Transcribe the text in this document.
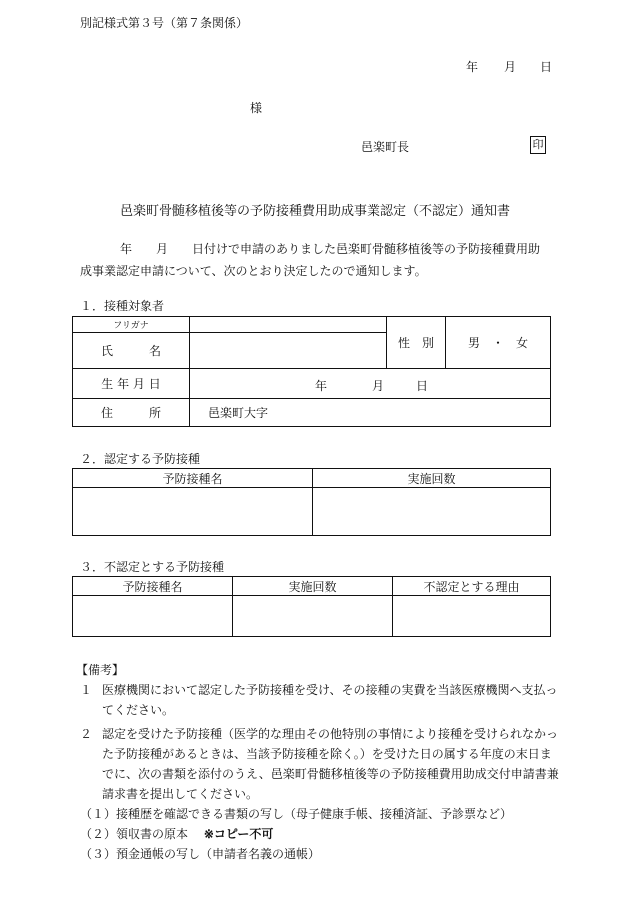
別記様式第３号（第７条関係）
年 月 日
様
邑楽町長	印
邑楽町骨髄移植後等の予防接種費用助成事業認定（不認定）通知書
年　　月　　日付けで申請のありました邑楽町骨髄移植後等の予防接種費用助
成事業認定申請について、次のとおり決定したので通知します。
１．接種対象者
フリガナ		性　別	男　・　女
氏　　　名			
生 年 月 日	年 月 日		

住　　　所	邑楽町大字		
２．認定する予防接種
予防接種名	実施回数

３．不認定とする予防接種
予防接種名	実施回数	不認定とする理由

【備考】
１ 医療機関において認定した予防接種を受け、その接種の実費を当該医療機関へ支払ってください。
２ 認定を受けた予防接種（医学的な理由その他特別の事情により接種を受けられなかった予防接種があるときは、当該予防接種を除く。）を受けた日の属する年度の末日までに、次の書類を添付のうえ、邑楽町骨髄移植後等の予防接種費用助成交付申請書兼請求書を提出してください。
（１）接種歴を確認できる書類の写し（母子健康手帳、接種済証、予診票など）
（２）領収書の原本 ※コピー不可
（３）預金通帳の写し（申請者名義の通帳）
